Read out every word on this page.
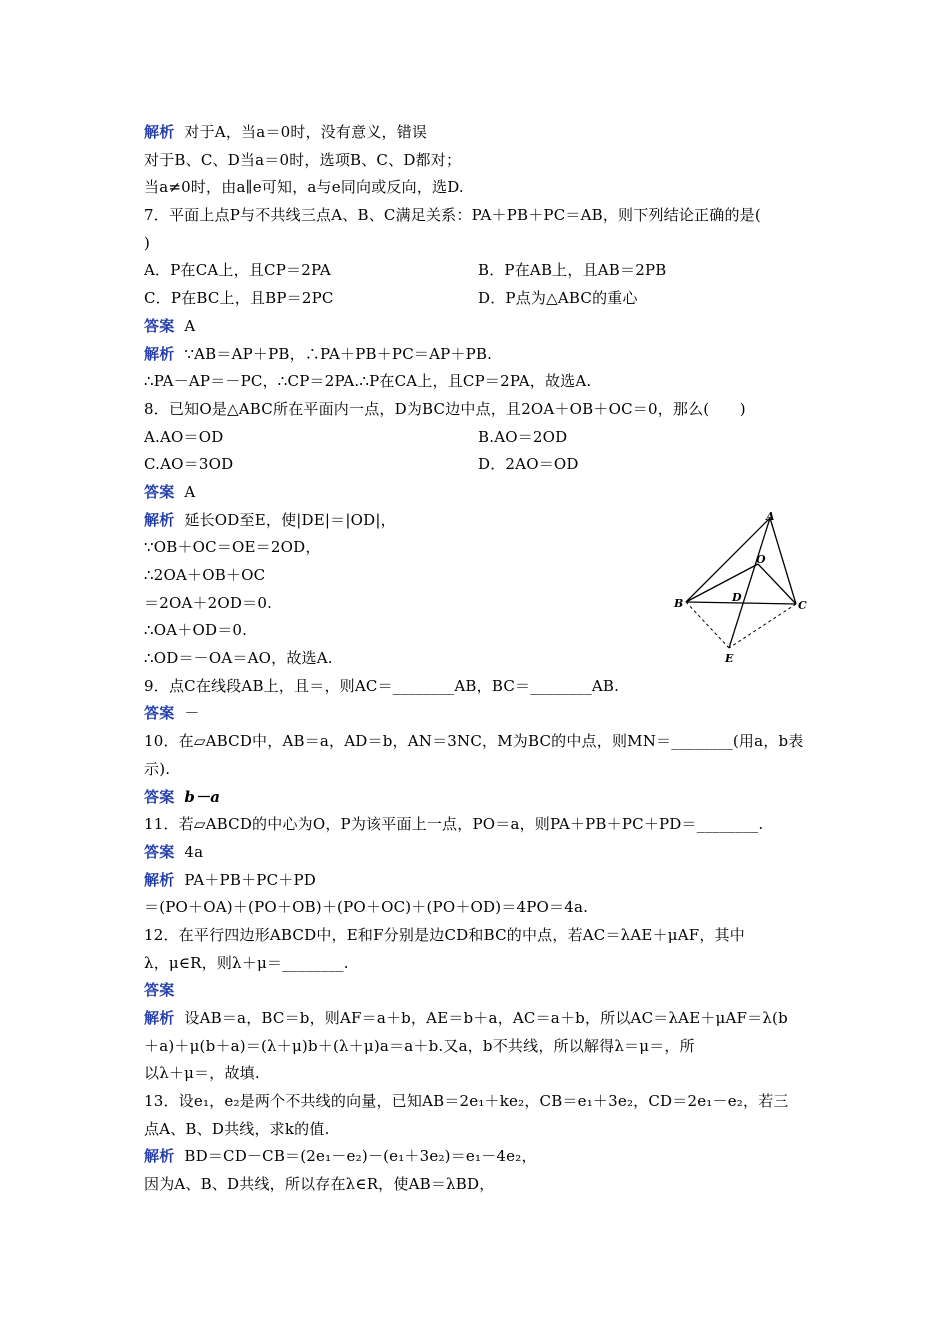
解析 对于A，当a＝0时，没有意义，错误
对于B、C、D当a＝0时，选项B、C、D都对；
当a≠0时，由a∥e可知，a与e同向或反向，选D.
7．平面上点P与不共线三点A、B、C满足关系：PA＋PB＋PC＝AB，则下列结论正确的是(
)
A．P在CA上，且CP＝2PA	B．P在AB上，且AB＝2PB
C．P在BC上，且BP＝2PC	D．P点为△ABC的重心
答案 A
解析 ∵AB＝AP＋PB，∴PA＋PB＋PC＝AP＋PB.
∴PA－AP＝－PC，∴CP＝2PA.∴P在CA上，且CP＝2PA，故选A.
8．已知O是△ABC所在平面内一点，D为BC边中点，且2OA＋OB＋OC＝0，那么(　　)
A.AO＝OD	B.AO＝2OD
C.AO＝3OD	D．2AO＝OD
答案 A
解析 延长OD至E，使|DE|＝|OD|，
∵OB＋OC＝OE＝2OD，
∴2OA＋OB＋OC
＝2OA＋2OD＝0.
∴OA＋OD＝0.
∴OD＝－OA＝AO，故选A.
9．点C在线段AB上，且＝，则AC＝________AB，BC＝________AB.
答案 －
10．在▱ABCD中，AB＝a，AD＝b，AN＝3NC，M为BC的中点，则MN＝________(用a，b表
示).
答案 b－a
11．若▱ABCD的中心为O，P为该平面上一点，PO＝a，则PA＋PB＋PC＋PD＝________.
答案 4a
解析 PA＋PB＋PC＋PD
＝(PO＋OA)＋(PO＋OB)＋(PO＋OC)＋(PO＋OD)＝4PO＝4a.
12．在平行四边形ABCD中，E和F分别是边CD和BC的中点，若AC＝λAE＋μAF，其中
λ，μ∈R，则λ＋μ＝________.
答案
解析 设AB＝a，BC＝b，则AF＝a＋b，AE＝b＋a，AC＝a＋b，所以AC＝λAE＋μAF＝λ(b
＋a)＋μ(b＋a)＝(λ＋μ)b＋(λ＋μ)a＝a＋b.又a，b不共线，所以解得λ＝μ＝，所
以λ＋μ＝，故填.
13．设e₁，e₂是两个不共线的向量，已知AB＝2e₁＋ke₂，CB＝e₁＋3e₂，CD＝2e₁－e₂，若三
点A、B、D共线，求k的值.
解析 BD＝CD－CB＝(2e₁－e₂)－(e₁＋3e₂)＝e₁－4e₂，
因为A、B、D共线，所以存在λ∈R，使AB＝λBD，
A
O
D
B	C
E
